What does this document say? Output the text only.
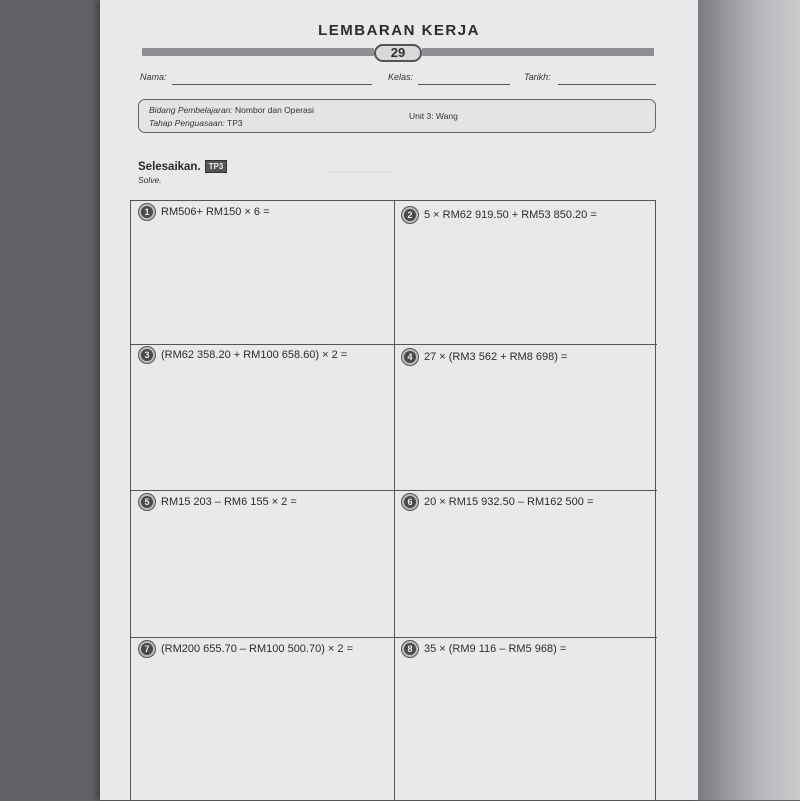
LEMBARAN KERJA
29
Nama:	Kelas:	Tarikh:
Bidang Pembelajaran: Nombor dan Operasi
Tahap Penguasaan: TP3
Unit 3: Wang
Selesaikan. TP3
Solve.
____________
1	RM506+ RM150 × 6 =	2	5 × RM62 919.50 + RM53 850.20 =
3	(RM62 358.20 + RM100 658.60) × 2 =	4	27 × (RM3 562 + RM8 698) =
5	RM15 203 – RM6 155 × 2 =	6	20 × RM15 932.50 – RM162 500 =
7	(RM200 655.70 – RM100 500.70) × 2 =	8	35 × (RM9 116 – RM5 968) =
